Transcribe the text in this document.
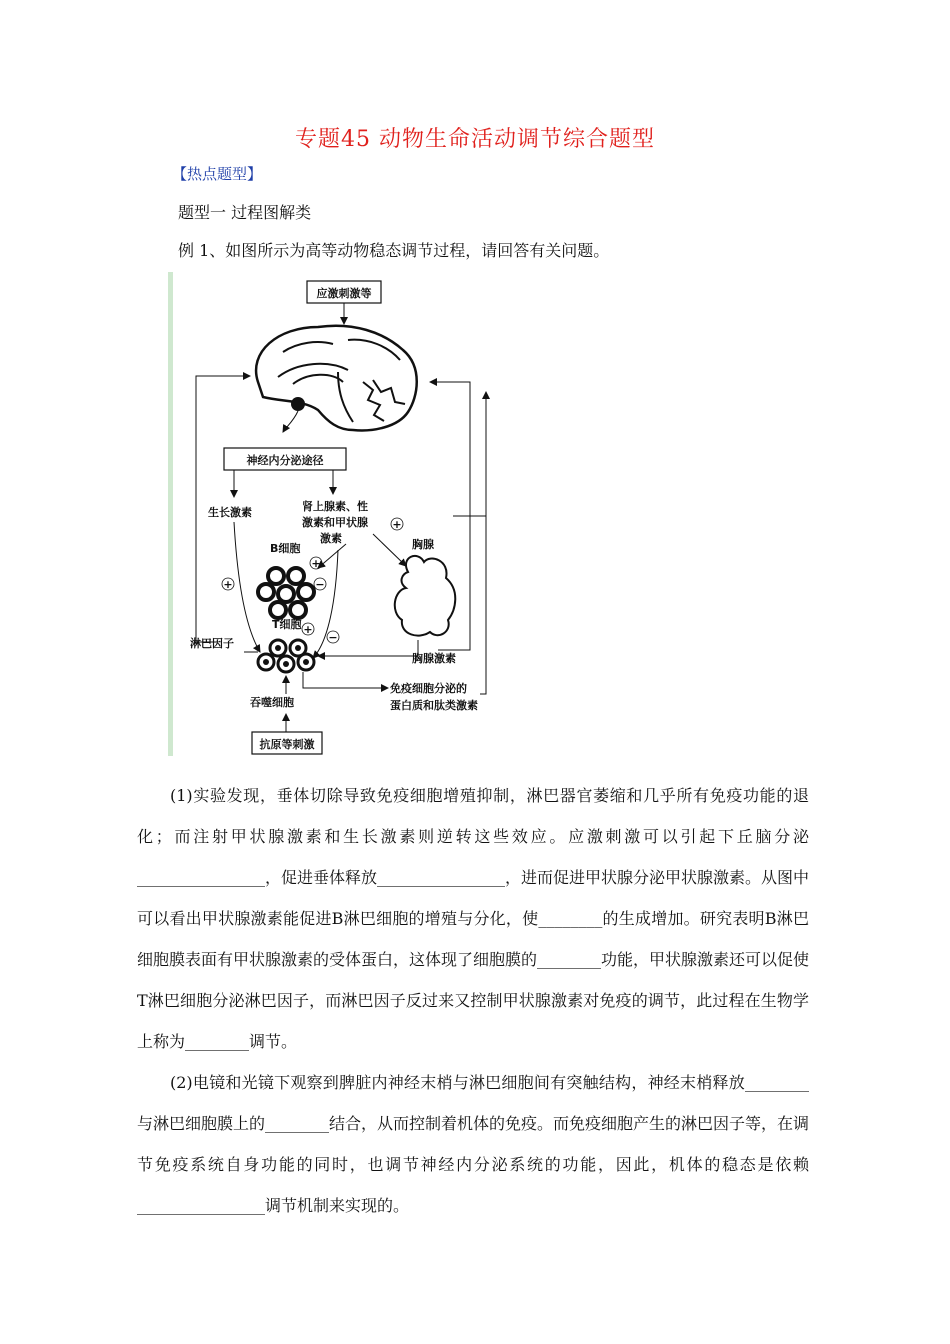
专题45 动物生命活动调节综合题型
【热点题型】
题型一 过程图解类
例 1、如图所示为高等动物稳态调节过程，请回答有关问题。
应激刺激等
神经内分泌途径
生长激素	肾上腺素、性
激素和甲状腺
激素
+
胸腺
B细胞
+
−
T细胞 +
−
+
淋巴因子
胸腺激素
免疫细胞分泌的
蛋白质和肽类激素
吞噬细胞
抗原等刺激
(1)实验发现，垂体切除导致免疫细胞增殖抑制，淋巴器官萎缩和几乎所有免疫功能的退化；而注射甲状腺激素和生长激素则逆转这些效应。应激刺激可以引起下丘脑分泌________________，促进垂体释放________________，进而促进甲状腺分泌甲状腺激素。从图中可以看出甲状腺激素能促进B淋巴细胞的增殖与分化，使________的生成增加。研究表明B淋巴细胞膜表面有甲状腺激素的受体蛋白，这体现了细胞膜的________功能，甲状腺激素还可以促使T淋巴细胞分泌淋巴因子，而淋巴因子反过来又控制甲状腺激素对免疫的调节，此过程在生物学上称为________调节。
(2)电镜和光镜下观察到脾脏内神经末梢与淋巴细胞间有突触结构，神经末梢释放________与淋巴细胞膜上的________结合，从而控制着机体的免疫。而免疫细胞产生的淋巴因子等，在调节免疫系统自身功能的同时，也调节神经内分泌系统的功能，因此，机体的稳态是依赖________________调节机制来实现的。
